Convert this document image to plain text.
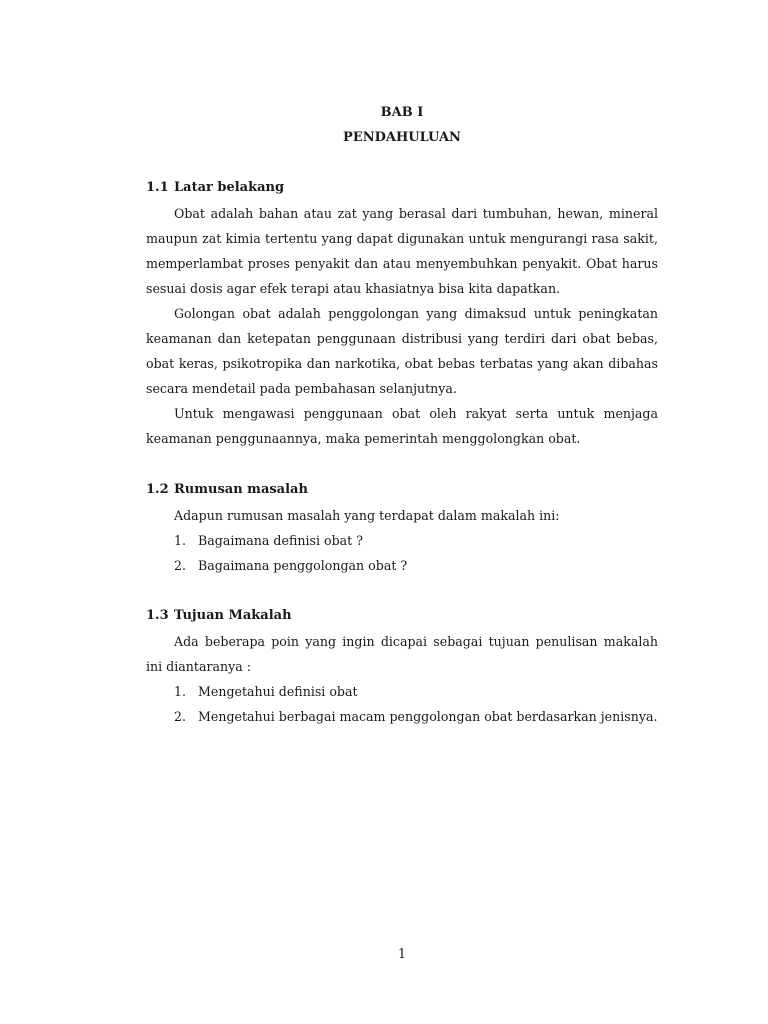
BAB I
PENDAHULUAN
1.1 Latar belakang
Obat adalah bahan atau zat yang berasal dari tumbuhan, hewan, mineral maupun zat kimia tertentu yang dapat digunakan untuk mengurangi rasa sakit, memperlambat proses penyakit dan atau menyembuhkan penyakit. Obat harus sesuai dosis agar efek terapi atau khasiatnya bisa kita dapatkan.
Golongan obat adalah penggolongan yang dimaksud untuk peningkatan keamanan dan ketepatan penggunaan distribusi yang terdiri dari obat bebas, obat keras, psikotropika dan narkotika, obat bebas terbatas yang akan dibahas secara mendetail pada pembahasan selanjutnya.
Untuk mengawasi penggunaan obat oleh rakyat serta untuk menjaga keamanan penggunaannya, maka pemerintah menggolongkan obat.
1.2 Rumusan masalah
Adapun rumusan masalah yang terdapat dalam makalah ini:
1. Bagaimana definisi obat ?
2. Bagaimana penggolongan obat ?
1.3 Tujuan Makalah
Ada beberapa poin yang ingin dicapai sebagai tujuan penulisan makalah ini diantaranya :
1. Mengetahui definisi obat
2. Mengetahui berbagai macam penggolongan obat berdasarkan jenisnya.
1
